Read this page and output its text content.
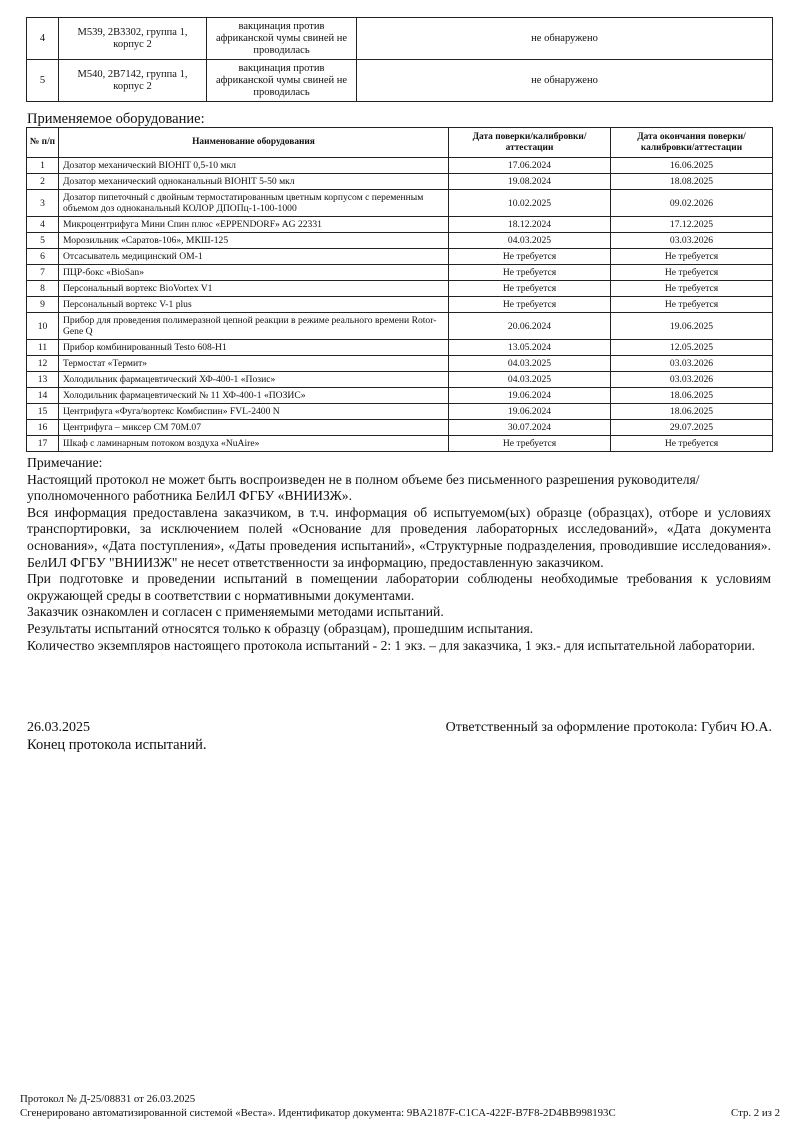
4	M539, 2B3302, группа 1, корпус 2	вакцинация против африканской чумы свиней не проводилась	не обнаружено
5	M540, 2B7142, группа 1, корпус 2	вакцинация против африканской чумы свиней не проводилась	не обнаружено
Применяемое оборудование:
№ п/п	Наименование оборудования	Дата поверки/калибровки/аттестации	Дата окончания поверки/калибровки/аттестации
1	Дозатор механический BIOHIT 0,5-10 мкл	17.06.2024	16.06.2025
2	Дозатор механический одноканальный BIOHIT 5-50 мкл	19.08.2024	18.08.2025
3	Дозатор пипеточный с двойным термостатированным цветным корпусом с переменным объемом доз одноканальный КОЛОР ДПОПц-1-100-1000	10.02.2025	09.02.2026
4	Микроцентрифуга Мини Спин плюс «EPPENDORF» AG 22331	18.12.2024	17.12.2025
5	Морозильник «Саратов-106», МКШ-125	04.03.2025	03.03.2026
6	Отсасыватель медицинский ОМ-1	Не требуется	Не требуется
7	ПЦР-бокс «BioSan»	Не требуется	Не требуется
8	Персональный вортекс BioVortex V1	Не требуется	Не требуется
9	Персональный вортекс V-1 plus	Не требуется	Не требуется
10	Прибор для проведения полимеразной цепной реакции в режиме реального времени Rotor-Gene Q	20.06.2024	19.06.2025
11	Прибор комбинированный Testo 608-H1	13.05.2024	12.05.2025
12	Термостат «Термит»	04.03.2025	03.03.2026
13	Холодильник фармацевтический ХФ-400-1 «Позис»	04.03.2025	03.03.2026
14	Холодильник фармацевтический № 11 ХФ-400-1 «ПОЗИС»	19.06.2024	18.06.2025
15	Центрифуга «Фуга/вортекс Комбиспин» FVL-2400 N	19.06.2024	18.06.2025
16	Центрифуга – миксер СМ 70М.07	30.07.2024	29.07.2025
17	Шкаф с ламинарным потоком воздуха «NuAire»	Не требуется	Не требуется

Примечание:

Настоящий протокол не может быть воспроизведен не в полном объеме без письменного разрешения руководителя/уполномоченного работника БелИЛ ФГБУ «ВНИИЗЖ».

Вся информация предоставлена заказчиком, в т.ч. информация об испытуемом(ых) образце (образцах), отборе и условиях транспортировки, за исключением полей «Основание для проведения лабораторных исследований», «Дата документа основания», «Дата поступления», «Даты проведения испытаний», «Структурные подразделения, проводившие исследования». БелИЛ ФГБУ "ВНИИЗЖ" не несет ответственности за информацию, предоставленную заказчиком.

При подготовке и проведении испытаний в помещении лаборатории соблюдены необходимые требования к условиям окружающей среды в соответствии с нормативными документами.

Заказчик ознакомлен и согласен с применяемыми методами испытаний.

Результаты испытаний относятся только к образцу (образцам), прошедшим испытания.

Количество экземпляров настоящего протокола испытаний - 2: 1 экз. – для заказчика, 1 экз.- для испытательной лаборатории.

26.03.2025	Ответственный за оформление протокола: Губич Ю.А.
Конец протокола испытаний.
Протокол № Д-25/08831 от 26.03.2025
Сгенерировано автоматизированной системой «Веста». Идентификатор документа: 9BA2187F-C1CA-422F-B7F8-2D4BB998193C	Стр. 2 из 2
